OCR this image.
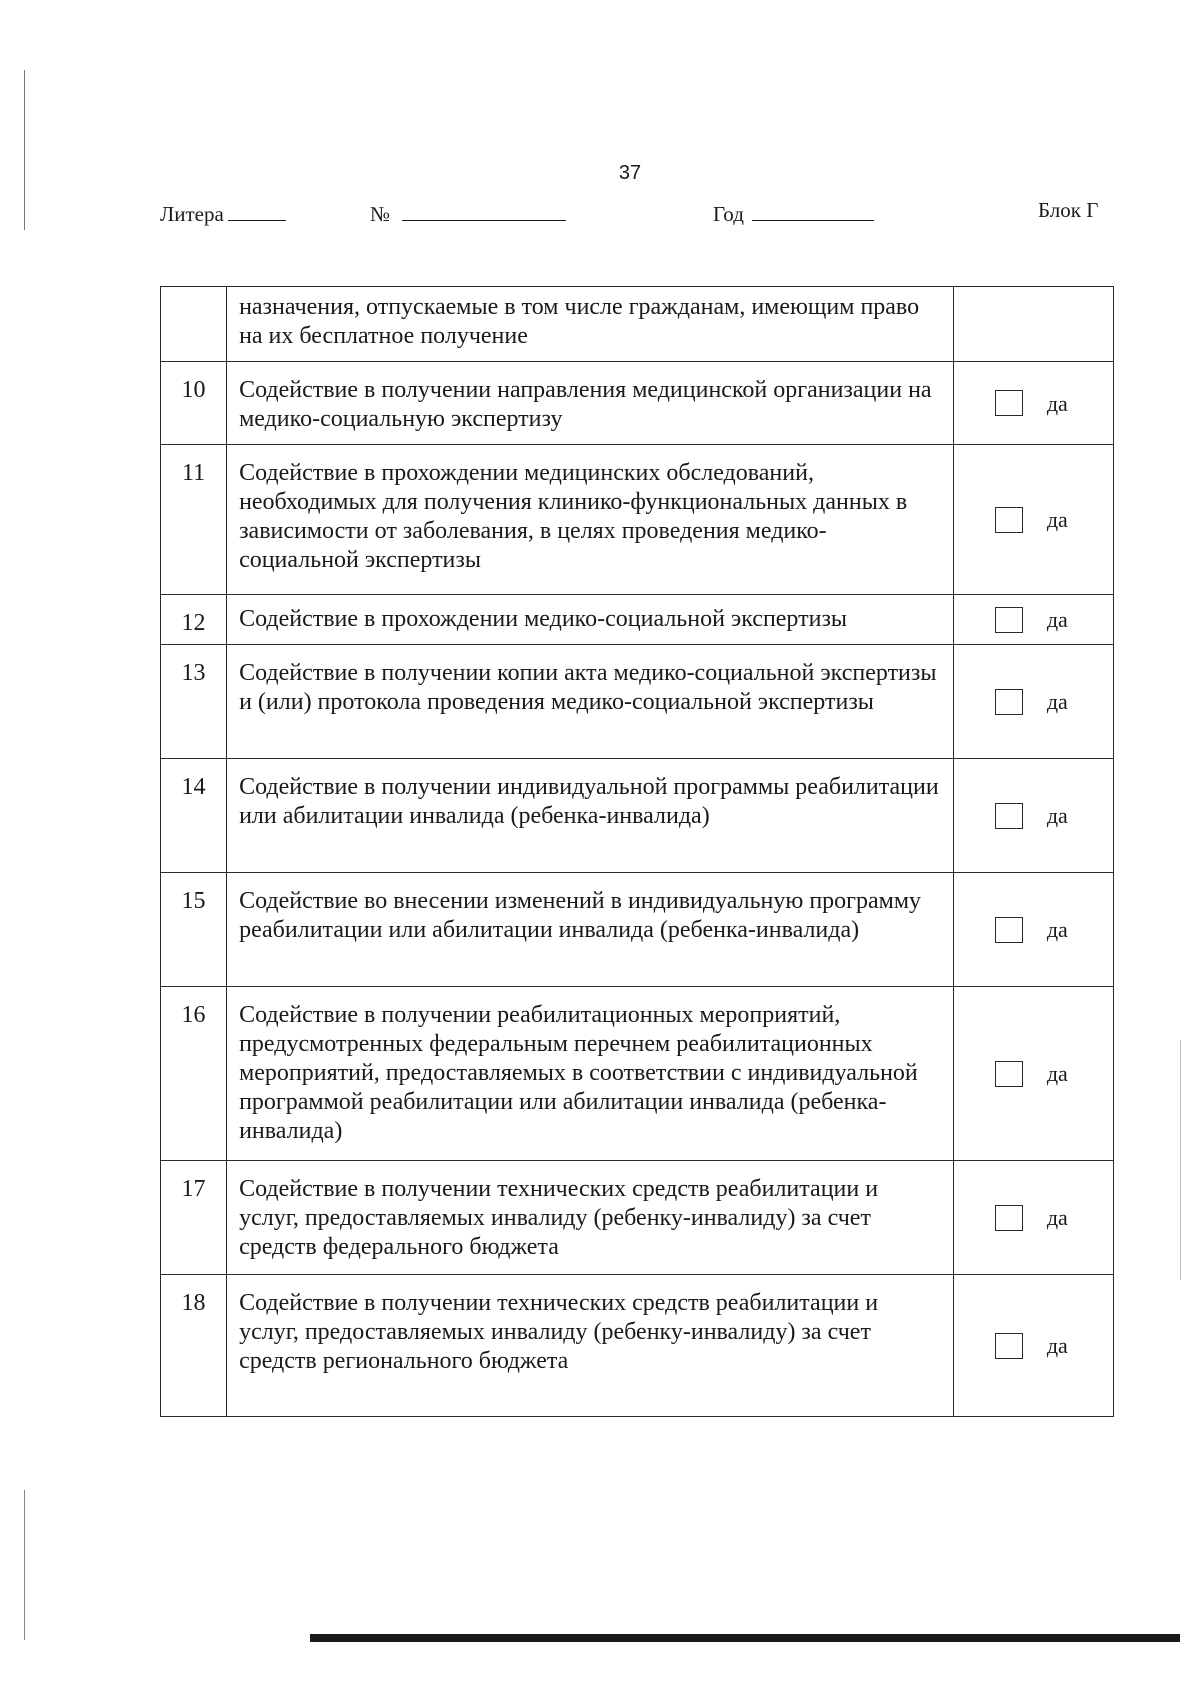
37
Литера	№	Год	Блок Г
	назначения, отпускаемые в том числе гражданам, имеющим право на их бесплатное получение	
10	Содействие в получении направления медицинской организации на медико-социальную экспертизу	да

11	Содействие в прохождении медицинских обследований, необходимых для получения клинико-функциональных данных в зависимости от заболевания, в целях проведения медико-социальной экспертизы	да

12	Содействие в прохождении медико-социальной экспертизы	да

13	Содействие в получении копии акта медико-социальной экспертизы и (или) протокола проведения медико-социальной экспертизы	да

14	Содействие в получении индивидуальной программы реабилитации или абилитации инвалида (ребенка-инвалида)	да

15	Содействие во внесении изменений в индивидуальную программу реабилитации или абилитации инвалида (ребенка-инвалида)	да

16	Содействие в получении реабилитационных мероприятий, предусмотренных федеральным перечнем реабилитационных мероприятий, предоставляемых в соответствии с индивидуальной программой реабилитации или абилитации инвалида (ребенка-инвалида)	да

17	Содействие в получении технических средств реабилитации и услуг, предоставляемых инвалиду (ребенку-инвалиду) за счет средств федерального бюджета	да

18	Содействие в получении технических средств реабилитации и услуг, предоставляемых инвалиду (ребенку-инвалиду) за счет средств регионального бюджета	да
